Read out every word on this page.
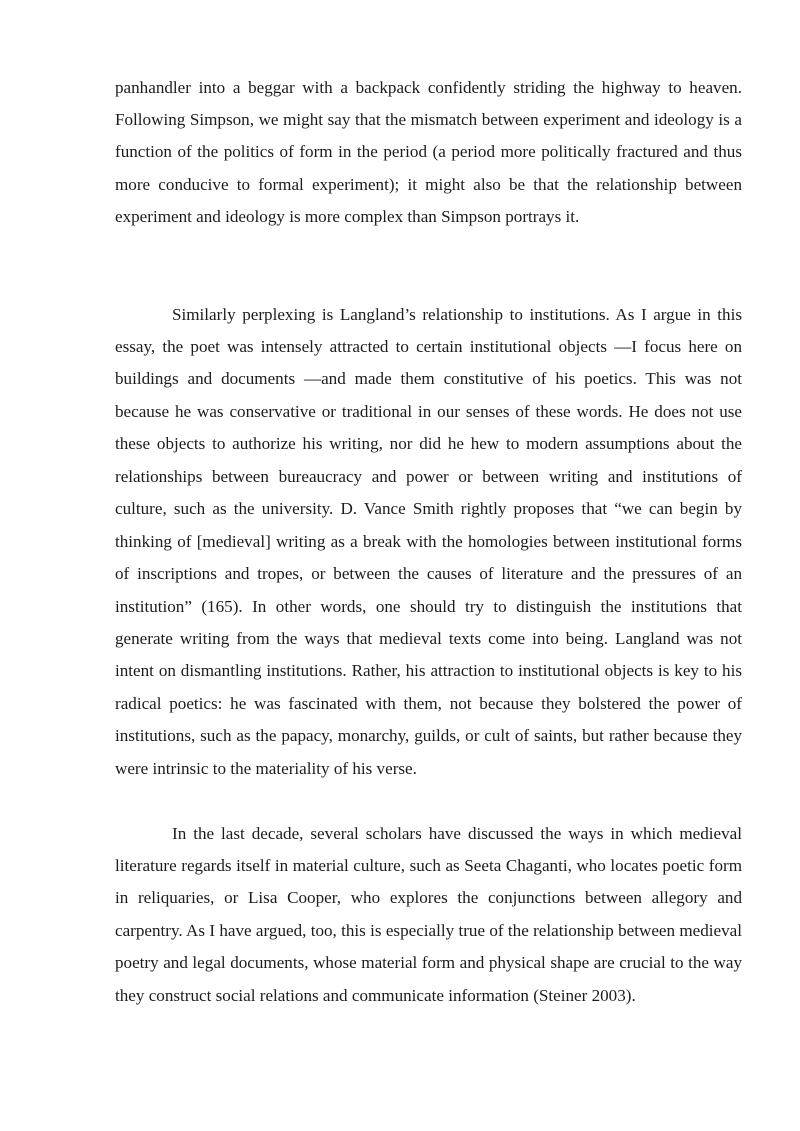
panhandler into a beggar with a backpack confidently striding the highway to heaven. Following Simpson, we might say that the mismatch between experiment and ideology is a function of the politics of form in the period (a period more politically fractured and thus more conducive to formal experiment); it might also be that the relationship between experiment and ideology is more complex than Simpson portrays it.

Similarly perplexing is Langland’s relationship to institutions. As I argue in this essay, the poet was intensely attracted to certain institutional objects —I focus here on buildings and documents —and made them constitutive of his poetics. This was not because he was conservative or traditional in our senses of these words. He does not use these objects to authorize his writing, nor did he hew to modern assumptions about the relationships between bureaucracy and power or between writing and institutions of culture, such as the university. D. Vance Smith rightly proposes that “we can begin by thinking of [medieval] writing as a break with the homologies between institutional forms of inscriptions and tropes, or between the causes of literature and the pressures of an institution” (165). In other words, one should try to distinguish the institutions that generate writing from the ways that medieval texts come into being. Langland was not intent on dismantling institutions. Rather, his attraction to institutional objects is key to his radical poetics: he was fascinated with them, not because they bolstered the power of institutions, such as the papacy, monarchy, guilds, or cult of saints, but rather because they were intrinsic to the materiality of his verse.

In the last decade, several scholars have discussed the ways in which medieval literature regards itself in material culture, such as Seeta Chaganti, who locates poetic form in reliquaries, or Lisa Cooper, who explores the conjunctions between allegory and carpentry. As I have argued, too, this is especially true of the relationship between medieval poetry and legal documents, whose material form and physical shape are crucial to the way they construct social relations and communicate information (Steiner 2003).
